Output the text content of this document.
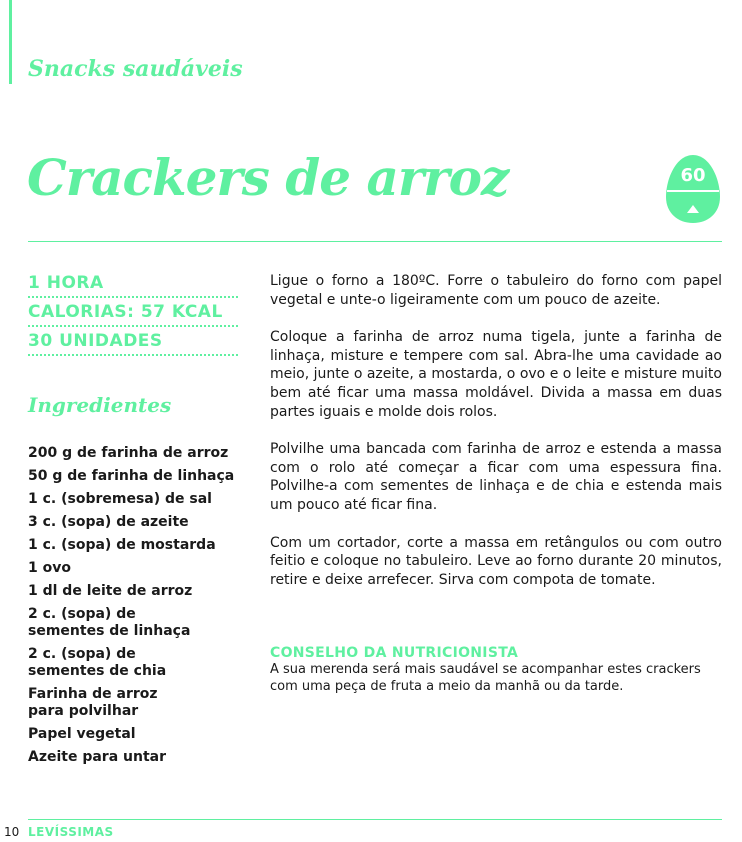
Snacks saudáveis
Crackers de arroz	60
1 HORA
CALORIAS: 57 KCAL
30 UNIDADES
Ingredientes
200 g de farinha de arroz
50 g de farinha de linhaça
1 c. (sobremesa) de sal
3 c. (sopa) de azeite
1 c. (sopa) de mostarda
1 ovo
1 dl de leite de arroz
2 c. (sopa) de sementes de linhaça
2 c. (sopa) de sementes de chia
Farinha de arroz para polvilhar
Papel vegetal
Azeite para untar

Ligue o forno a 180ºC. Forre o tabuleiro do forno com papel vegetal e unte-o ligeiramente com um pouco de azeite.

Coloque a farinha de arroz numa tigela, junte a farinha de linhaça, misture e tempere com sal. Abra-lhe uma cavidade ao meio, junte o azeite, a mostarda, o ovo e o leite e misture muito bem até ficar uma massa moldável. Divida a massa em duas partes iguais e molde dois rolos.

Polvilhe uma bancada com farinha de arroz e estenda a massa com o rolo até começar a ficar com uma espessura fina. Polvilhe-a com sementes de linhaça e de chia e estenda mais um pouco até ficar fina.

Com um cortador, corte a massa em retângulos ou com outro feitio e coloque no tabuleiro. Leve ao forno durante 20 minutos, retire e deixe arrefecer. Sirva com compota de tomate.

CONSELHO DA NUTRICIONISTA
A sua merenda será mais saudável se acompanhar estes crackers com uma peça de fruta a meio da manhã ou da tarde.
10 LEVÍSSIMAS
